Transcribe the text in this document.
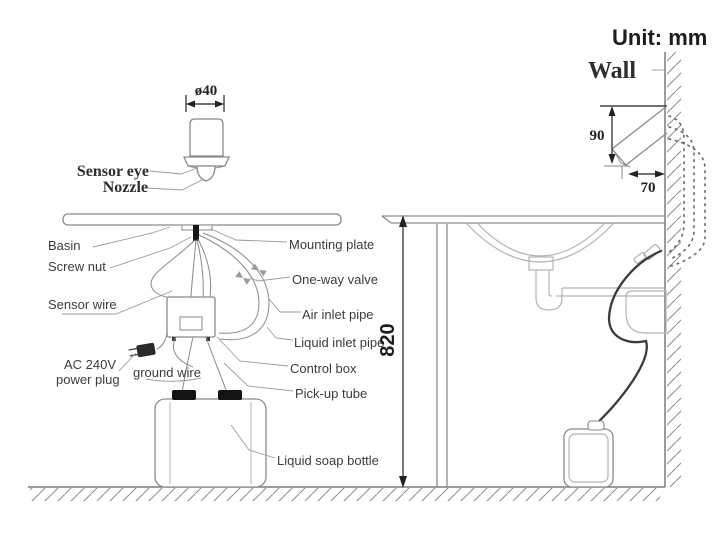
ø40
Sensor eye
Nozzle
Basin
Screw nut
Sensor wire
AC 240V
power plug ground wire
Mounting plate
One-way valve
Air inlet pipe
Liquid inlet pipe
Control box
Pick-up tube
Liquid soap bottle
90
70
820
Unit: mm
Wall
